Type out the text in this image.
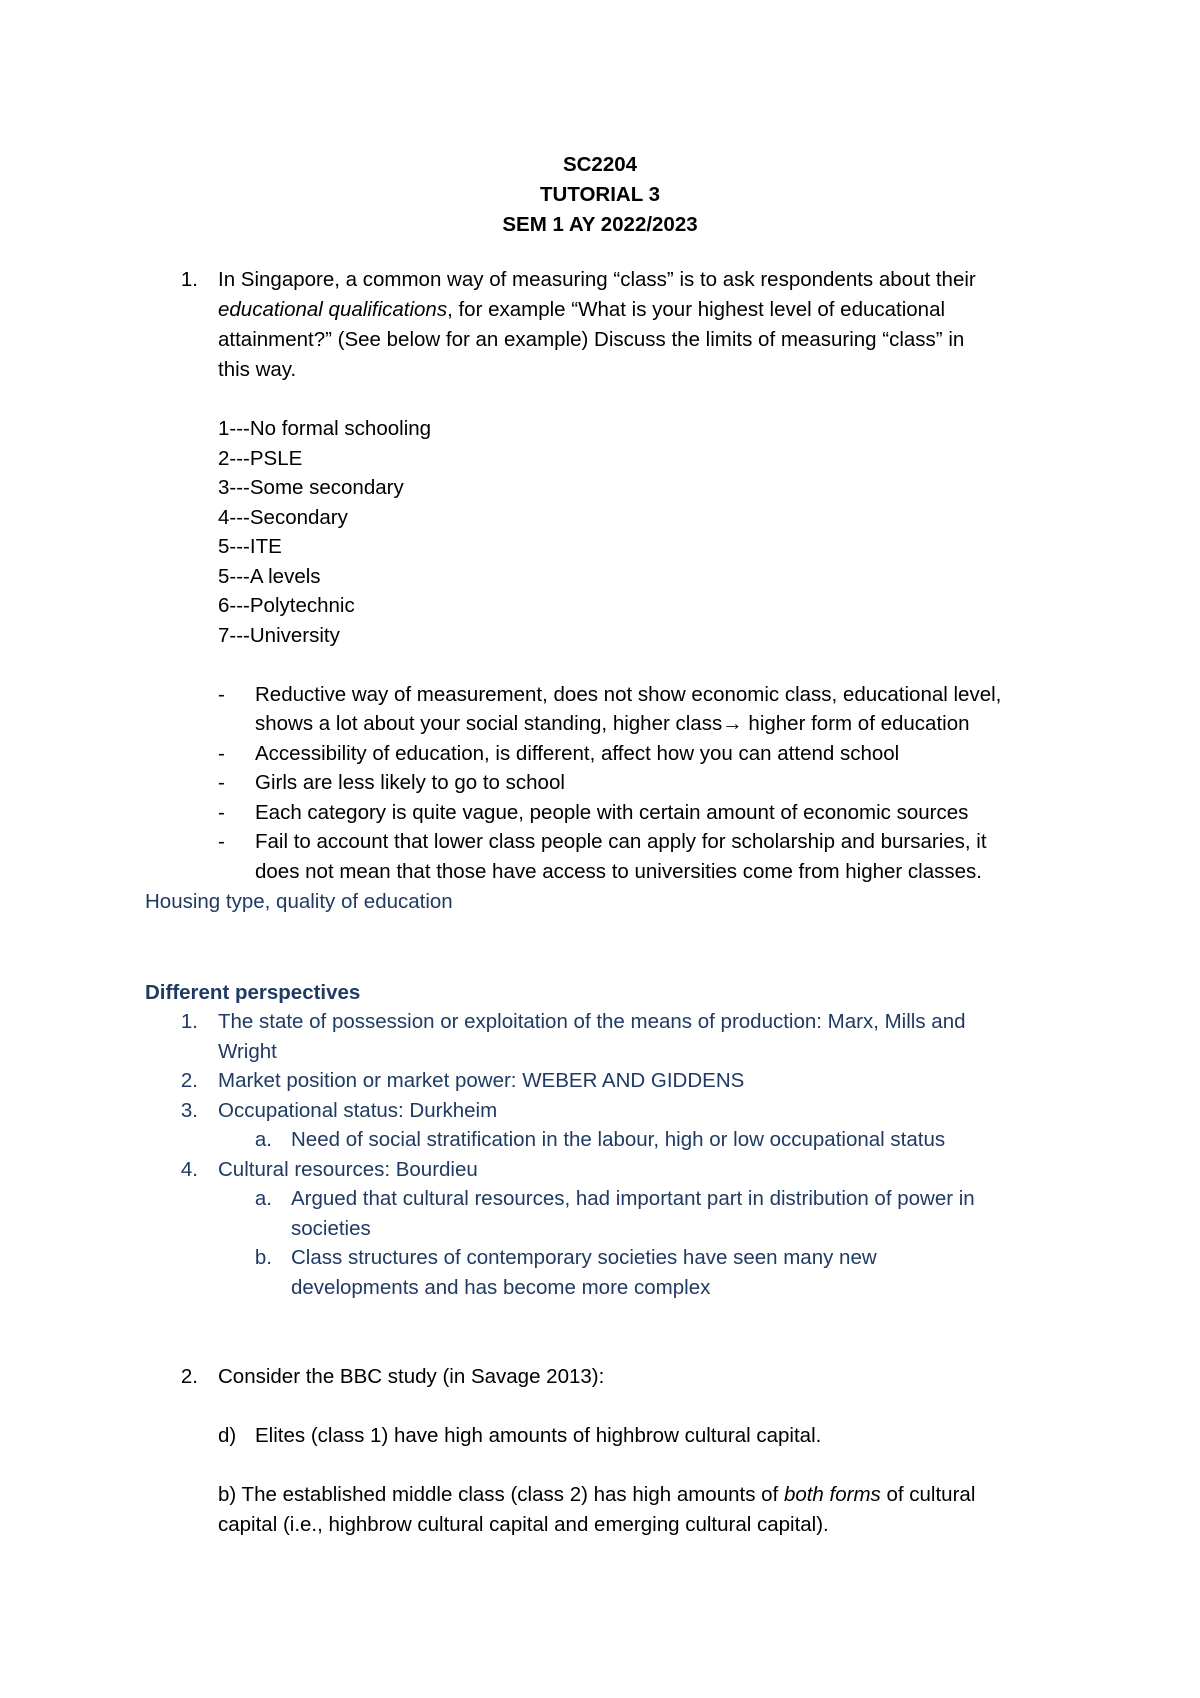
SC2204
TUTORIAL 3
SEM 1 AY 2022/2023
1. In Singapore, a common way of measuring “class” is to ask respondents about their
educational qualifications, for example “What is your highest level of educational
attainment?” (See below for an example) Discuss the limits of measuring “class” in
this way.
1---No formal schooling
2---PSLE
3---Some secondary
4---Secondary
5---ITE
5---A levels
6---Polytechnic
7---University
- Reductive way of measurement, does not show economic class, educational level,
shows a lot about your social standing, higher class→ higher form of education
- Accessibility of education, is different, affect how you can attend school
- Girls are less likely to go to school
- Each category is quite vague, people with certain amount of economic sources
- Fail to account that lower class people can apply for scholarship and bursaries, it
does not mean that those have access to universities come from higher classes.
Housing type, quality of education
Different perspectives
1. The state of possession or exploitation of the means of production: Marx, Mills and
Wright
2. Market position or market power: WEBER AND GIDDENS
3. Occupational status: Durkheim
a. Need of social stratification in the labour, high or low occupational status
4. Cultural resources: Bourdieu
a. Argued that cultural resources, had important part in distribution of power in
societies
b. Class structures of contemporary societies have seen many new
developments and has become more complex
2. Consider the BBC study (in Savage 2013):
d) Elites (class 1) have high amounts of highbrow cultural capital.
b) The established middle class (class 2) has high amounts of both forms of cultural
capital (i.e., highbrow cultural capital and emerging cultural capital).
